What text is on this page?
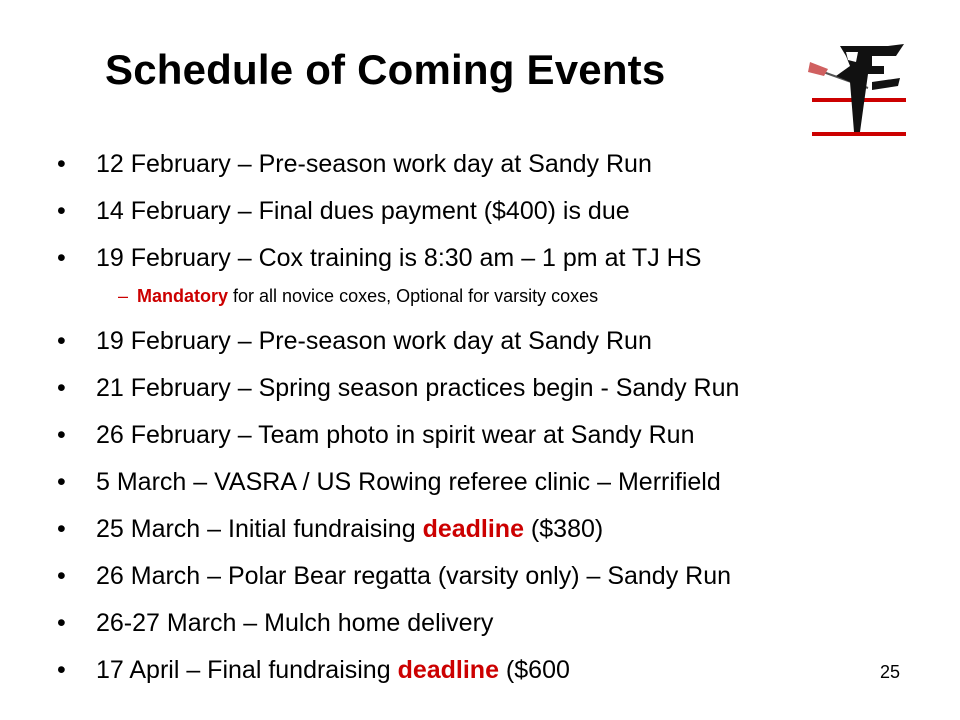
Schedule of Coming Events
• 12 February – Pre-season work day at Sandy Run
• 14 February – Final dues payment ($400) is due
• 19 February – Cox training is 8:30 am – 1 pm at TJ HS
– Mandatory for all novice coxes, Optional for varsity coxes
• 19 February – Pre-season work day at Sandy Run
• 21 February – Spring season practices begin - Sandy Run
• 26 February – Team photo in spirit wear at Sandy Run
• 5 March – VASRA / US Rowing referee clinic – Merrifield
• 25 March – Initial fundraising deadline ($380)
• 26 March – Polar Bear regatta (varsity only) – Sandy Run
• 26-27 March – Mulch home delivery
• 17 April – Final fundraising deadline ($600	25
